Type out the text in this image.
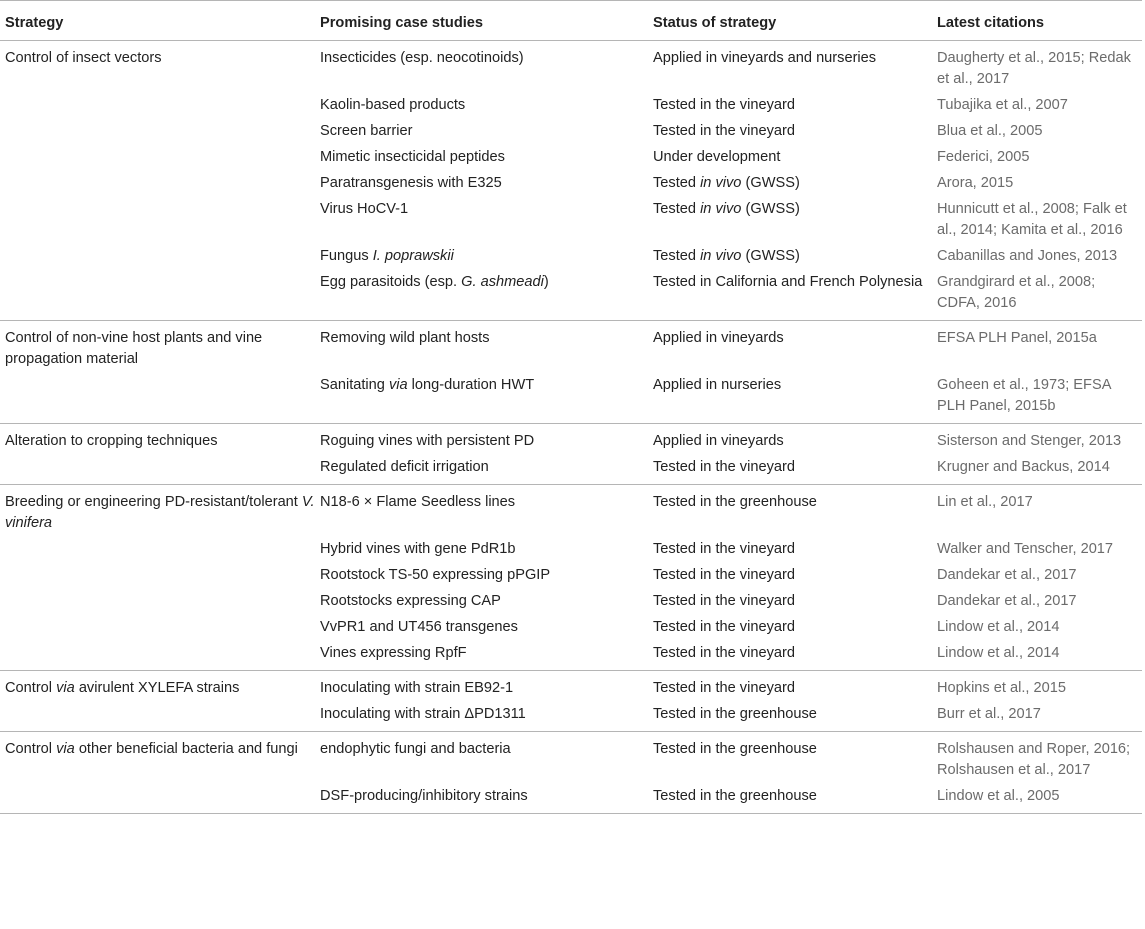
Strategy	Promising case studies	Status of strategy	Latest citations
Control of insect vectors	Insecticides (esp. neocotinoids)	Applied in vineyards and nurseries	Daugherty et al., 2015; Redak et al., 2017
	Kaolin-based products	Tested in the vineyard	Tubajika et al., 2007
	Screen barrier	Tested in the vineyard	Blua et al., 2005
	Mimetic insecticidal peptides	Under development	Federici, 2005
	Paratransgenesis with E325	Tested in vivo (GWSS)	Arora, 2015
	Virus HoCV-1	Tested in vivo (GWSS)	Hunnicutt et al., 2008; Falk et al., 2014; Kamita et al., 2016
	Fungus I. poprawskii	Tested in vivo (GWSS)	Cabanillas and Jones, 2013
	Egg parasitoids (esp. G. ashmeadi)	Tested in California and French Polynesia	Grandgirard et al., 2008; CDFA, 2016
Control of non-vine host plants and vine propagation material	Removing wild plant hosts	Applied in vineyards	EFSA PLH Panel, 2015a
	Sanitating via long-duration HWT	Applied in nurseries	Goheen et al., 1973; EFSA PLH Panel, 2015b
Alteration to cropping techniques	Roguing vines with persistent PD	Applied in vineyards	Sisterson and Stenger, 2013
	Regulated deficit irrigation	Tested in the vineyard	Krugner and Backus, 2014
Breeding or engineering PD-resistant/tolerant V. vinifera	N18-6 × Flame Seedless lines	Tested in the greenhouse	Lin et al., 2017
	Hybrid vines with gene PdR1b	Tested in the vineyard	Walker and Tenscher, 2017
	Rootstock TS-50 expressing pPGIP	Tested in the vineyard	Dandekar et al., 2017
	Rootstocks expressing CAP	Tested in the vineyard	Dandekar et al., 2017
	VvPR1 and UT456 transgenes	Tested in the vineyard	Lindow et al., 2014
	Vines expressing RpfF	Tested in the vineyard	Lindow et al., 2014
Control via avirulent XYLEFA strains	Inoculating with strain EB92-1	Tested in the vineyard	Hopkins et al., 2015
	Inoculating with strain ΔPD1311	Tested in the greenhouse	Burr et al., 2017
Control via other beneficial bacteria and fungi	endophytic fungi and bacteria	Tested in the greenhouse	Rolshausen and Roper, 2016; Rolshausen et al., 2017
	DSF-producing/inhibitory strains	Tested in the greenhouse	Lindow et al., 2005
